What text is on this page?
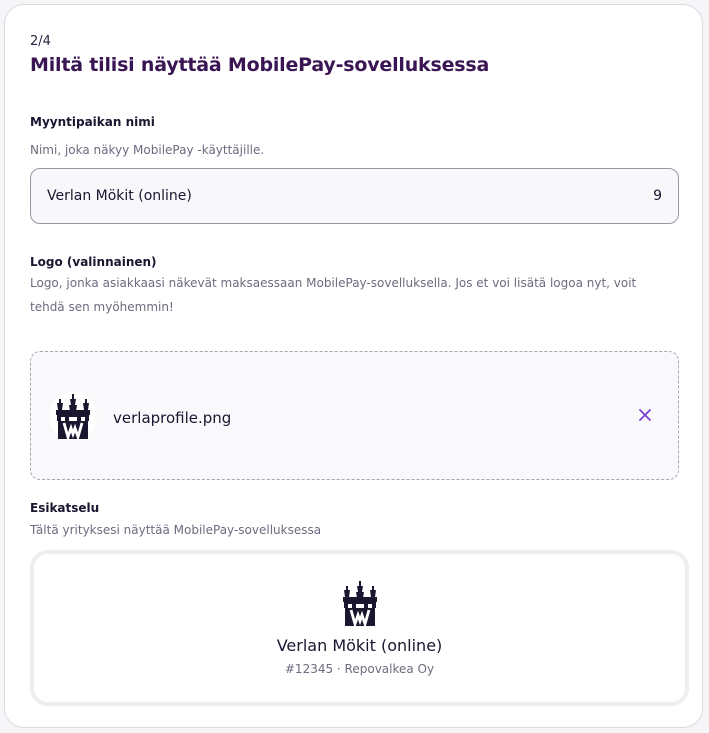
2/4
Miltä tilisi näyttää MobilePay-sovelluksessa
Myyntipaikan nimi
Nimi, joka näkyy MobilePay -käyttäjille.
Verlan Mökit (online)	9
Logo (valinnainen)
Logo, jonka asiakkaasi näkevät maksaessaan MobilePay-sovelluksella. Jos et voi lisätä logoa nyt, voit
tehdä sen myöhemmin!
verlaprofile.png
Esikatselu
Tältä yrityksesi näyttää MobilePay-sovelluksessa
Verlan Mökit (online)
#12345 · Repovalkea Oy
